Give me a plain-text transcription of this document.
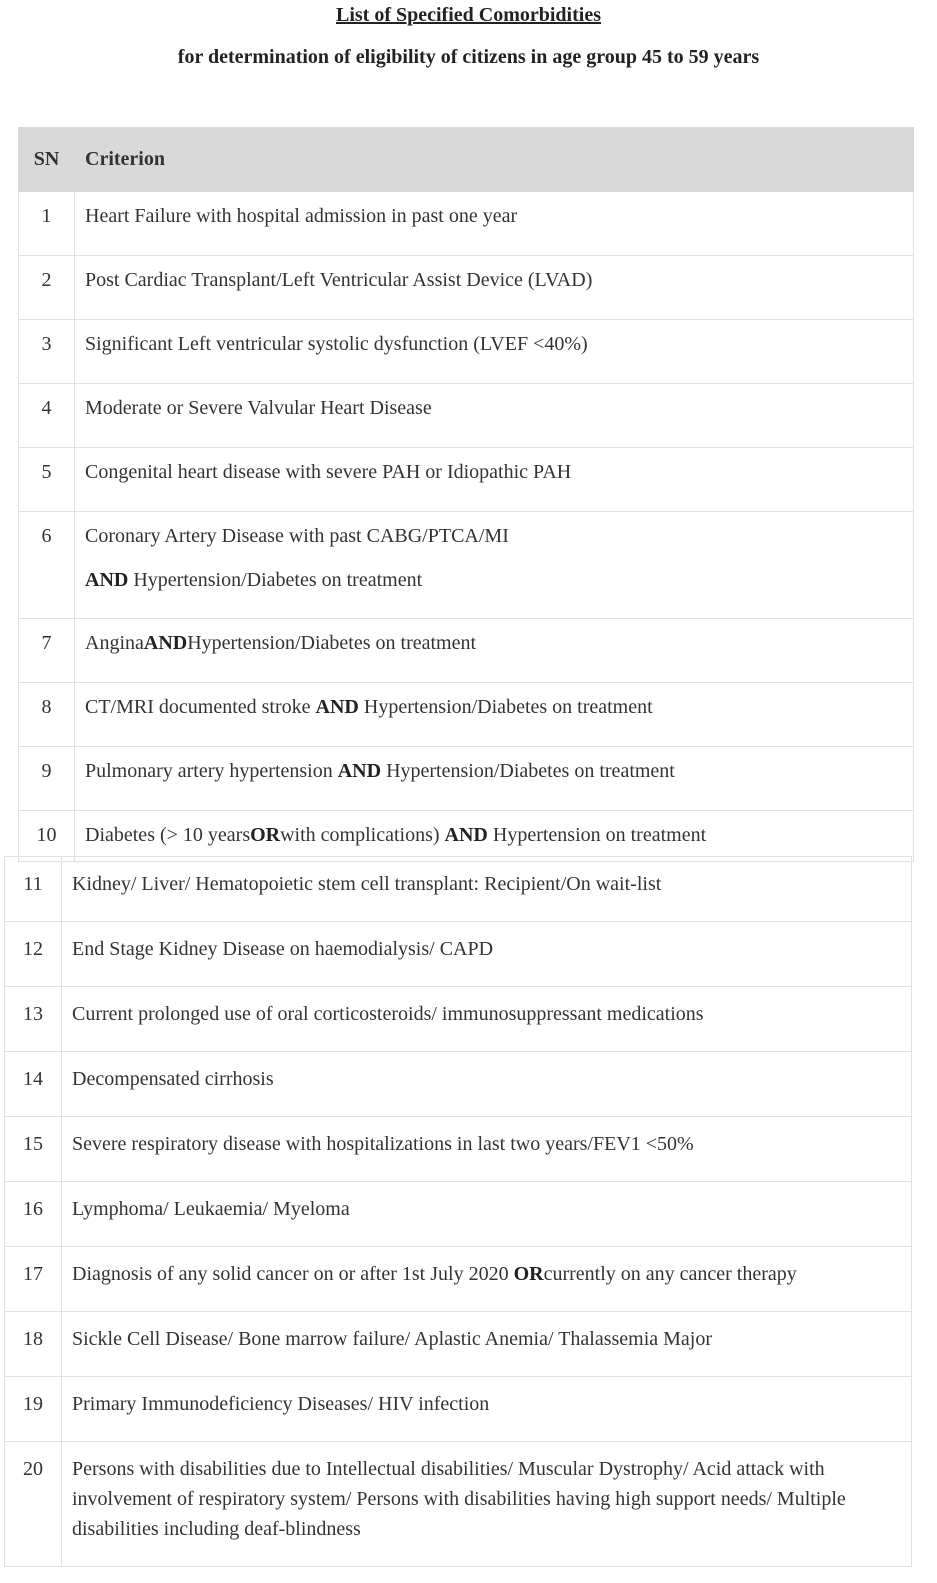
List of Specified Comorbidities
for determination of eligibility of citizens in age group 45 to 59 years
SN	Criterion

1	Heart Failure with hospital admission in past one year

2	Post Cardiac Transplant/Left Ventricular Assist Device (LVAD)

3	Significant Left ventricular systolic dysfunction (LVEF <40%)

4	Moderate or Severe Valvular Heart Disease

5	Congenital heart disease with severe PAH or Idiopathic PAH

6	Coronary Artery Disease with past CABG/PTCA/MI
AND Hypertension/Diabetes on treatment

7	AnginaANDHypertension/Diabetes on treatment

8	CT/MRI documented stroke AND Hypertension/Diabetes on treatment

9	Pulmonary artery hypertension AND Hypertension/Diabetes on treatment

10	Diabetes (> 10 yearsORwith complications) AND Hypertension on treatment
11	Kidney/ Liver/ Hematopoietic stem cell transplant: Recipient/On wait-list

12	End Stage Kidney Disease on haemodialysis/ CAPD

13	Current prolonged use of oral corticosteroids/ immunosuppressant medications

14	Decompensated cirrhosis

15	Severe respiratory disease with hospitalizations in last two years/FEV1 <50%

16	Lymphoma/ Leukaemia/ Myeloma

17	Diagnosis of any solid cancer on or after 1st July 2020 ORcurrently on any cancer therapy

18	Sickle Cell Disease/ Bone marrow failure/ Aplastic Anemia/ Thalassemia Major

19	Primary Immunodeficiency Diseases/ HIV infection

20	Persons with disabilities due to Intellectual disabilities/ Muscular Dystrophy/ Acid attack with involvement of respiratory system/ Persons with disabilities having high support needs/ Multiple disabilities including deaf-blindness
